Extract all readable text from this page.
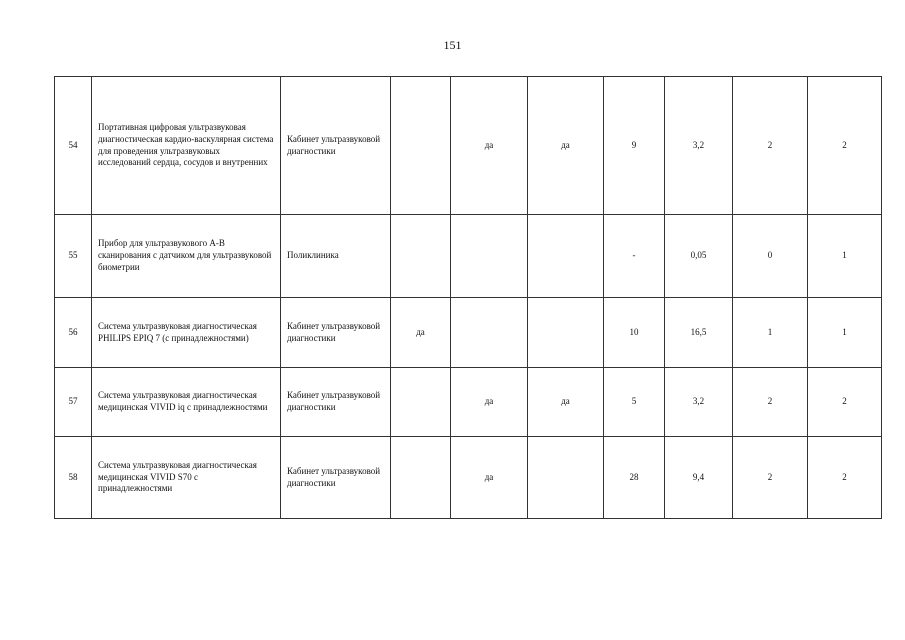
151
54	Портативная цифровая ультразвуковая диагностическая кардио-васкулярная система для проведения ультразвуковых исследований сердца, сосудов и внутренних	Кабинет ультразвуковой диагностики		да	да	9	3,2	2	2
55	Прибор для ультразвукового А-В сканирования с датчиком для ультразвуковой биометрии	Поликлиника				-	0,05	0	1
56	Система ультразвуковая диагностическая PHILIPS EPIQ 7 (с принадлежностями)	Кабинет ультразвуковой диагностики	да			10	16,5	1	1
57	Система ультразвуковая диагностическая медицинская VIVID iq с принадлежностями	Кабинет ультразвуковой диагностики		да	да	5	3,2	2	2
58	Система ультразвуковая диагностическая медицинская VIVID S70 с принадлежностями	Кабинет ультразвуковой диагностики		да		28	9,4	2	2
